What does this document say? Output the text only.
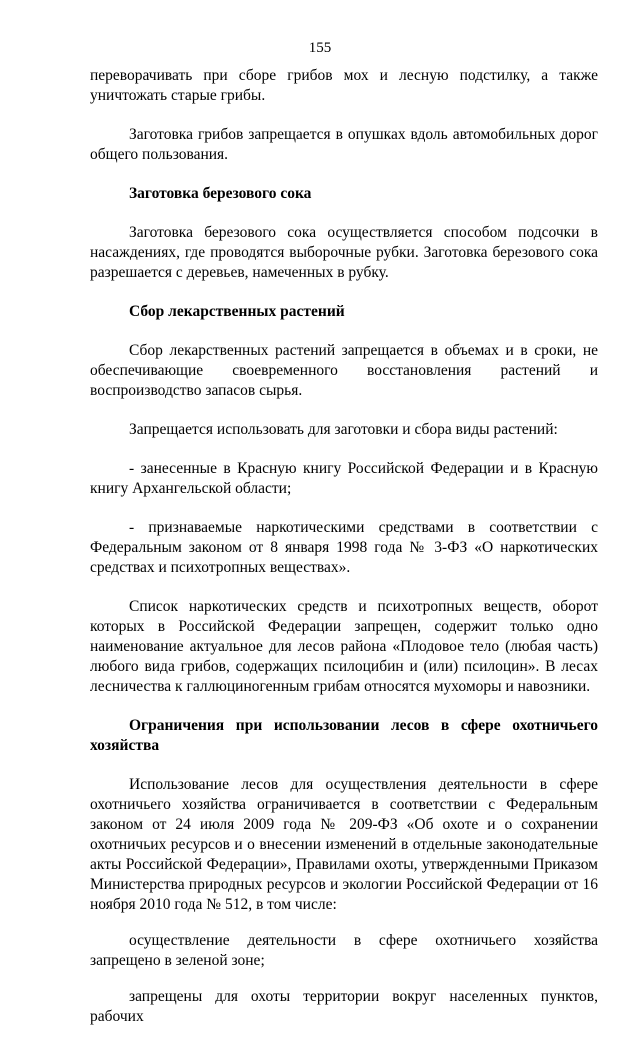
155

переворачивать при сборе грибов мох и лесную подстилку, а также уничтожать старые грибы.

Заготовка грибов запрещается в опушках вдоль автомобильных дорог общего пользования.

Заготовка березового сока

Заготовка березового сока осуществляется способом подсочки в насаждениях, где проводятся выборочные рубки. Заготовка березового сока разрешается с деревьев, намеченных в рубку.

Сбор лекарственных растений

Сбор лекарственных растений запрещается в объемах и в сроки, не обеспечивающие своевременного восстановления растений и воспроизводство запасов сырья.

Запрещается использовать для заготовки и сбора виды растений:

- занесенные в Красную книгу Российской Федерации и в Красную книгу Архангельской области;

- признаваемые наркотическими средствами в соответствии с Федеральным законом от 8 января 1998 года № 3-ФЗ «О наркотических средствах и психотропных веществах».

Список наркотических средств и психотропных веществ, оборот которых в Российской Федерации запрещен, содержит только одно наименование актуальное для лесов района «Плодовое тело (любая часть) любого вида грибов, содержащих псилоцибин и (или) псилоцин». В лесах лесничества к галлюциногенным грибам относятся мухоморы и навозники.

Ограничения при использовании лесов в сфере охотничьего хозяйства

Использование лесов для осуществления деятельности в сфере охотничьего хозяйства ограничивается в соответствии с Федеральным законом от 24 июля 2009 года № 209-ФЗ «Об охоте и о сохранении охотничьих ресурсов и о внесении изменений в отдельные законодательные акты Российской Федерации», Правилами охоты, утвержденными Приказом Министерства природных ресурсов и экологии Российской Федерации от 16 ноября 2010 года № 512, в том числе:

осуществление деятельности в сфере охотничьего хозяйства запрещено в зеленой зоне;

запрещены для охоты территории вокруг населенных пунктов, рабочих
